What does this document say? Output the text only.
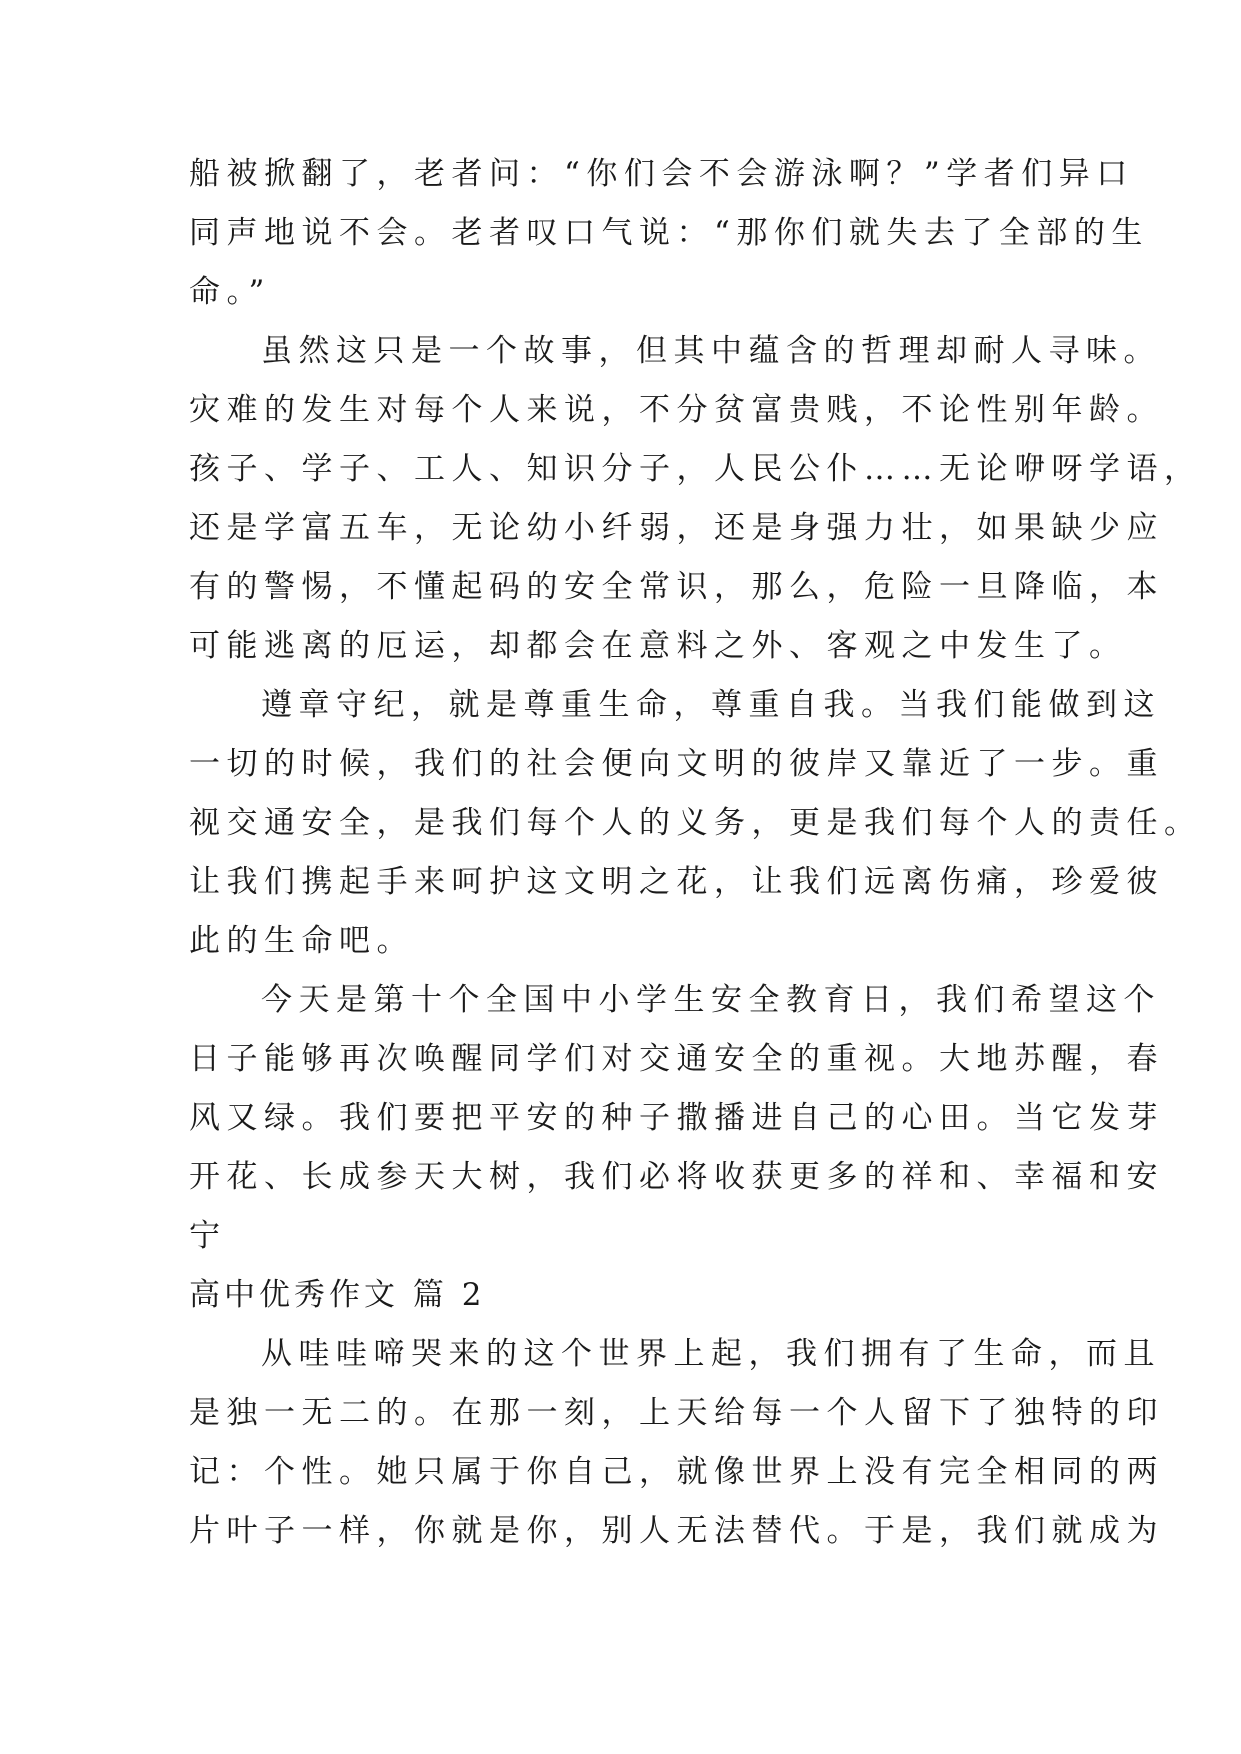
船被掀翻了，老者问：“你们会不会游泳啊？”学者们异口
同声地说不会。老者叹口气说：“那你们就失去了全部的生
命。”
虽然这只是一个故事，但其中蕴含的哲理却耐人寻味。
灾难的发生对每个人来说，不分贫富贵贱，不论性别年龄。
孩子、学子、工人、知识分子，人民公仆……无论咿呀学语，
还是学富五车，无论幼小纤弱，还是身强力壮，如果缺少应
有的警惕，不懂起码的安全常识，那么，危险一旦降临，本
可能逃离的厄运，却都会在意料之外、客观之中发生了。
遵章守纪，就是尊重生命，尊重自我。当我们能做到这
一切的时候，我们的社会便向文明的彼岸又靠近了一步。重
视交通安全，是我们每个人的义务，更是我们每个人的责任。
让我们携起手来呵护这文明之花，让我们远离伤痛，珍爱彼
此的生命吧。
今天是第十个全国中小学生安全教育日，我们希望这个
日子能够再次唤醒同学们对交通安全的重视。大地苏醒，春
风又绿。我们要把平安的种子撒播进自己的心田。当它发芽
开花、长成参天大树，我们必将收获更多的祥和、幸福和安
宁
高中优秀作文 篇 2
从哇哇啼哭来的这个世界上起，我们拥有了生命，而且
是独一无二的。在那一刻，上天给每一个人留下了独特的印
记：个性。她只属于你自己，就像世界上没有完全相同的两
片叶子一样，你就是你，别人无法替代。于是，我们就成为
